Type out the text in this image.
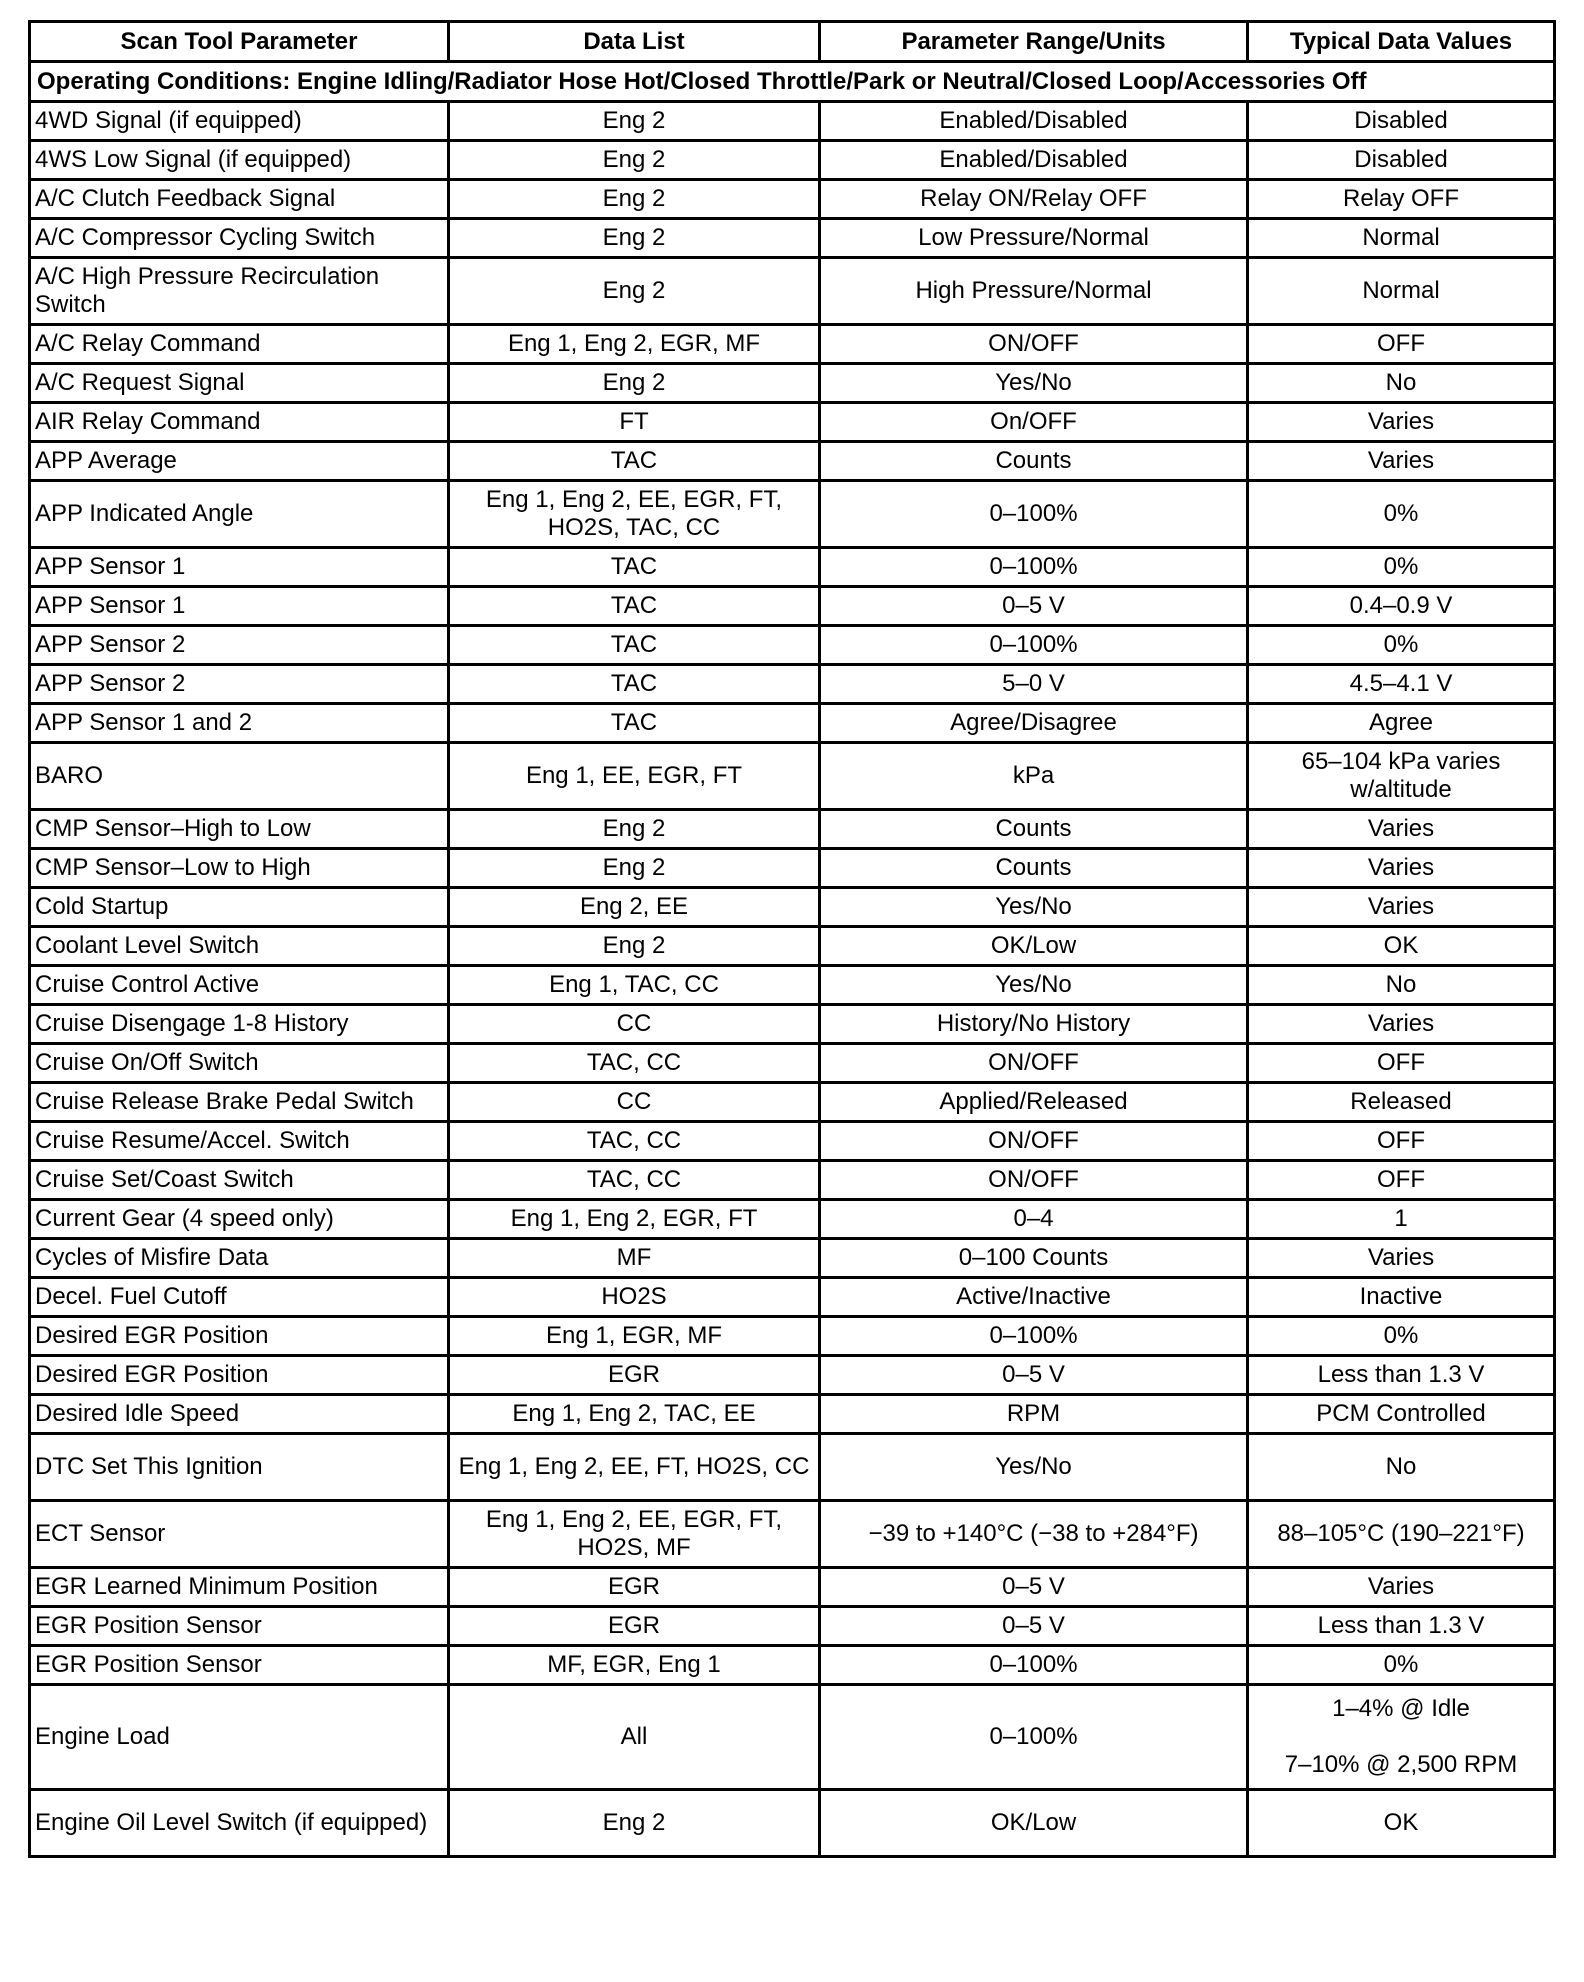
Scan Tool Parameter	Data List	Parameter Range/Units	Typical Data Values
Operating Conditions: Engine Idling/Radiator Hose Hot/Closed Throttle/Park or Neutral/Closed Loop/Accessories Off			
4WD Signal (if equipped)	Eng 2	Enabled/Disabled	Disabled
4WS Low Signal (if equipped)	Eng 2	Enabled/Disabled	Disabled
A/C Clutch Feedback Signal	Eng 2	Relay ON/Relay OFF	Relay OFF
A/C Compressor Cycling Switch	Eng 2	Low Pressure/Normal	Normal
A/C High Pressure Recirculation Switch	Eng 2	High Pressure/Normal	Normal
A/C Relay Command	Eng 1, Eng 2, EGR, MF	ON/OFF	OFF
A/C Request Signal	Eng 2	Yes/No	No
AIR Relay Command	FT	On/OFF	Varies
APP Average	TAC	Counts	Varies
APP Indicated Angle	Eng 1, Eng 2, EE, EGR, FT, HO2S, TAC, CC	0–100%	0%
APP Sensor 1	TAC	0–100%	0%
APP Sensor 1	TAC	0–5 V	0.4–0.9 V
APP Sensor 2	TAC	0–100%	0%
APP Sensor 2	TAC	5–0 V	4.5–4.1 V
APP Sensor 1 and 2	TAC	Agree/Disagree	Agree
BARO	Eng 1, EE, EGR, FT	kPa	65–104 kPa varies w/altitude
CMP Sensor–High to Low	Eng 2	Counts	Varies
CMP Sensor–Low to High	Eng 2	Counts	Varies
Cold Startup	Eng 2, EE	Yes/No	Varies
Coolant Level Switch	Eng 2	OK/Low	OK
Cruise Control Active	Eng 1, TAC, CC	Yes/No	No
Cruise Disengage 1-8 History	CC	History/No History	Varies
Cruise On/Off Switch	TAC, CC	ON/OFF	OFF
Cruise Release Brake Pedal Switch	CC	Applied/Released	Released
Cruise Resume/Accel. Switch	TAC, CC	ON/OFF	OFF
Cruise Set/Coast Switch	TAC, CC	ON/OFF	OFF
Current Gear (4 speed only)	Eng 1, Eng 2, EGR, FT	0–4	1
Cycles of Misfire Data	MF	0–100 Counts	Varies
Decel. Fuel Cutoff	HO2S	Active/Inactive	Inactive
Desired EGR Position	Eng 1, EGR, MF	0–100%	0%
Desired EGR Position	EGR	0–5 V	Less than 1.3 V
Desired Idle Speed	Eng 1, Eng 2, TAC, EE	RPM	PCM Controlled
DTC Set This Ignition	Eng 1, Eng 2, EE, FT, HO2S, CC	Yes/No	No
ECT Sensor	Eng 1, Eng 2, EE, EGR, FT, HO2S, MF	−39 to +140°C (−38 to +284°F)	88–105°C (190–221°F)
EGR Learned Minimum Position	EGR	0–5 V	Varies
EGR Position Sensor	EGR	0–5 V	Less than 1.3 V
EGR Position Sensor	MF, EGR, Eng 1	0–100%	0%
Engine Load	All	0–100%	1–4% @ Idle

7–10% @ 2,500 RPM
Engine Oil Level Switch (if equipped)	Eng 2	OK/Low	OK
